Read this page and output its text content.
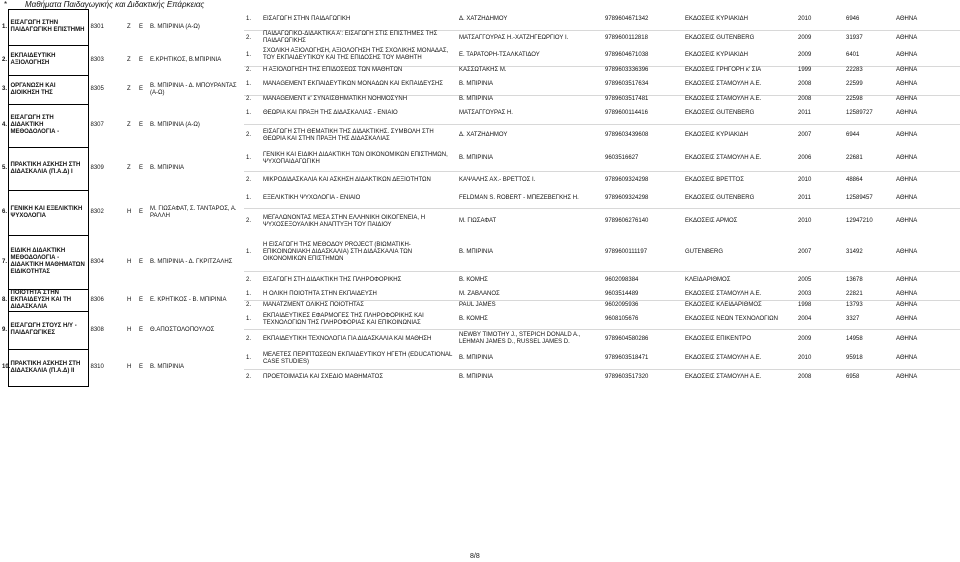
* Μαθήματα Παιδαγωγικής και Διδακτικής Επάρκειας
1.	ΕΙΣΑΓΩΓΗ ΣΤΗΝ ΠΑΙΔΑΓΩΓΙΚΗ ΕΠΙΣΤΗΜΗ	8301	Ζ	Ε	Β. ΜΠΙΡΙΝΙΑ (Α-Ω)	1.	ΕΙΣΑΓΩΓΗ ΣΤΗΝ ΠΑΙΔΑΓΩΓΙΚΗ	Δ. ΧΑΤΖΗΔΗΜΟΥ	9789604671342	ΕΚΔΟΣΕΙΣ ΚΥΡΙΑΚΙΔΗ	2010	6946	ΑΘΗΝΑ
						2.	ΠΑΙΔΑΓΩΓΙΚΟ-ΔΙΔΑΚΤΙΚΑ Α': ΕΙΣΑΓΩΓΗ ΣΤΙΣ ΕΠΙΣΤΗΜΕΣ ΤΗΣ ΠΑΙΔΑΓΩΓΙΚΗΣ	ΜΑΤΣΑΓΓΟΥΡΑΣ Η.-ΧΑΤΖΗΓΕΩΡΓΙΟΥ Ι.	9789600112818	ΕΚΔΟΣΕΙΣ GUTENBERG	2009	31937	ΑΘΗΝΑ
2.	ΕΚΠΑΙΔΕΥΤΙΚΗ ΑΞΙΟΛΟΓΗΣΗ	8303	Ζ	Ε	Ε.ΚΡΗΤΙΚΟΣ, Β.ΜΠΙΡΙΝΙΑ	1.	ΣΧΟΛΙΚΗ ΑΞΙΟΛΟΓΗΣΗ, ΑΞΙΟΛΟΓΗΣΗ ΤΗΣ ΣΧΟΛΙΚΗΣ ΜΟΝΑΔΑΣ, ΤΟΥ ΕΚΠΑΙΔΕΥΤΙΚΟΥ ΚΑΙ ΤΗΣ ΕΠΙΔΟΣΗΣ ΤΟΥ ΜΑΘΗΤΗ	Ε. ΤΑΡΑΤΟΡΗ-ΤΣΑΛΚΑΤΙΔΟΥ	9789604671038	ΕΚΔΟΣΕΙΣ ΚΥΡΙΑΚΙΔΗ	2009	6401	ΑΘΗΝΑ
						2.	Η ΑΞΙΟΛΟΓΗΣΗ ΤΗΣ ΕΠΙΔΟΣΕΩΣ ΤΩΝ ΜΑΘΗΤΩΝ	ΚΑΣΣΩΤΑΚΗΣ Μ.	9789603336396	ΕΚΔΟΣΕΙΣ ΓΡΗΓΟΡΗ κ' ΣΙΑ	1999	22283	ΑΘΗΝΑ
3.	ΟΡΓΑΝΩΣΗ ΚΑΙ ΔΙΟΙΚΗΣΗ ΤΗΣ	8305	Ζ	Ε	Β. ΜΠΙΡΙΝΙΑ - Δ. ΜΠΟΥΡΑΝΤΑΣ (Α-Ω)	1.	MANAGEMENT ΕΚΠΑΙΔΕΥΤΙΚΩΝ ΜΟΝΑΔΩΝ ΚΑΙ ΕΚΠΑΙΔΕΥΣΗΣ	Β. ΜΠΙΡΙΝΙΑ	9789603517634	ΕΚΔΟΣΕΙΣ ΣΤΑΜΟΥΛΗ Α.Ε.	2008	22599	ΑΘΗΝΑ
						2.	MANAGEMENT κ' ΣΥΝΑΙΣΘΗΜΑΤΙΚΗ ΝΟΗΜΟΣΥΝΗ	Β. ΜΠΙΡΙΝΙΑ	9789603517481	ΕΚΔΟΣΕΙΣ ΣΤΑΜΟΥΛΗ Α.Ε.	2008	22598	ΑΘΗΝΑ
4.	ΕΙΣΑΓΩΓΗ ΣΤΗ ΔΙΔΑΚΤΙΚΗ ΜΕΘΟΔΟΛΟΓΙΑ -	8307	Ζ	Ε	Β. ΜΠΙΡΙΝΙΑ (Α-Ω)	1.	ΘΕΩΡΙΑ ΚΑΙ ΠΡΑΞΗ ΤΗΣ ΔΙΔΑΣΚΑΛΙΑΣ - ΕΝΙΑΙΟ	ΜΑΤΣΑΓΓΟΥΡΑΣ Η.	9789600114416	ΕΚΔΟΣΕΙΣ GUTENBERG	2011	12589727	ΑΘΗΝΑ
						2.	ΕΙΣΑΓΩΓΗ ΣΤΗ ΘΕΜΑΤΙΚΗ ΤΗΣ ΔΙΔΑΚΤΙΚΗΣ. ΣΥΜΒΟΛΗ ΣΤΗ ΘΕΩΡΙΑ ΚΑΙ ΣΤΗΝ ΠΡΑΞΗ ΤΗΣ ΔΙΔΑΣΚΑΛΙΑΣ	Δ. ΧΑΤΖΗΔΗΜΟΥ	9789603439608	ΕΚΔΟΣΕΙΣ ΚΥΡΙΑΚΙΔΗ	2007	6944	ΑΘΗΝΑ
5.	ΠΡΑΚΤΙΚΗ ΑΣΚΗΣΗ ΣΤΗ ΔΙΔΑΣΚΑΛΙΑ (Π.Α.Δ) Ι	8309	Ζ	Ε	Β. ΜΠΙΡΙΝΙΑ	1.	ΓΕΝΙΚΗ ΚΑΙ ΕΙΔΙΚΗ ΔΙΔΑΚΤΙΚΗ ΤΩΝ ΟΙΚΟΝΟΜΙΚΩΝ ΕΠΙΣΤΗΜΩΝ, ΨΥΧΟΠΑΙΔΑΓΩΓΙΚΗ	Β. ΜΠΙΡΙΝΙΑ	9603516627	ΕΚΔΟΣΕΙΣ ΣΤΑΜΟΥΛΗ Α.Ε.	2006	22681	ΑΘΗΝΑ
						2.	ΜΙΚΡΟΔΙΔΑΣΚΑΛΙΑ ΚΑΙ ΑΣΚΗΣΗ ΔΙΔΑΚΤΙΚΩΝ ΔΕΞΙΟΤΗΤΩΝ	ΚΑΨΑΛΗΣ ΑΧ.- ΒΡΕΤΤΟΣ Ι.	9789609324298	ΕΚΔΟΣΕΙΣ ΒΡΕΤΤΟΣ	2010	48864	ΑΘΗΝΑ
6.	ΓΕΝΙΚΗ ΚΑΙ ΕΞΕΛΙΚΤΙΚΗ ΨΥΧΟΛΟΓΙΑ	8302	Η	Ε	Μ. ΓΙΩΣΑΦΑΤ, Σ. ΤΑΝΤΑΡΟΣ, Α. ΡΑΛΛΗ	1.	ΕΞΕΛΙΚΤΙΚΗ ΨΥΧΟΛΟΓΙΑ - ΕΝΙΑΙΟ	FELDMAN S. ROBERT - ΜΠΕΖΕΒΕΓΚΗΣ Η.	9789609324298	ΕΚΔΟΣΕΙΣ GUTENBERG	2011	12589457	ΑΘΗΝΑ
						2.	ΜΕΓΑΛΩΝΟΝΤΑΣ ΜΕΣΑ ΣΤΗΝ ΕΛΛΗΝΙΚΗ ΟΙΚΟΓΕΝΕΙΑ, Η ΨΥΧΟΣΕΞΟΥΑΛΙΚΗ ΑΝΑΠΤΥΞΗ ΤΟΥ ΠΑΙΔΙΟΥ	Μ. ΓΙΩΣΑΦΑΤ	9789606276140	ΕΚΔΟΣΕΙΣ ΑΡΜΟΣ	2010	12947210	ΑΘΗΝΑ
7.	ΕΙΔΙΚΗ ΔΙΔΑΚΤΙΚΗ ΜΕΘΟΔΟΛΟΓΙΑ - ΔΙΔΑΚΤΙΚΗ ΜΑΘΗΜΑΤΩΝ ΕΙΔΙΚΟΤΗΤΑΣ	8304	Η	Ε	Β. ΜΠΙΡΙΝΙΑ - Δ. ΓΚΡΙΤΖΑΛΗΣ	1.	Η ΕΙΣΑΓΩΓΗ ΤΗΣ ΜΕΘΟΔΟΥ PROJECT (ΒΙΩΜΑΤΙΚΗ-ΕΠΙΚΟΙΝΩΝΙΑΚΗ ΔΙΔΑΣΚΑΛΙΑ) ΣΤΗ ΔΙΔΑΣΚΑΛΙΑ ΤΩΝ ΟΙΚΟΝΟΜΙΚΩΝ ΕΠΙΣΤΗΜΩΝ	Β. ΜΠΙΡΙΝΙΑ	9789600111197	GUTENBERG	2007	31492	ΑΘΗΝΑ
						2.	ΕΙΣΑΓΩΓΗ ΣΤΗ ΔΙΔΑΚΤΙΚΗ ΤΗΣ ΠΛΗΡΟΦΟΡΙΚΗΣ	Β. ΚΟΜΗΣ	9602098384	ΚΛΕΙΔΑΡΙΘΜΟΣ	2005	13678	ΑΘΗΝΑ
8.	ΠΟΙΟΤΗΤΑ ΣΤΗΝ ΕΚΠΑΙΔΕΥΣΗ ΚΑΙ ΤΗ ΔΙΔΑΣΚΑΛΙΑ	8306	Η	Ε	Ε. ΚΡΗΤΙΚΟΣ - Β. ΜΠΙΡΙΝΙΑ	1.	Η ΟΛΙΚΗ ΠΟΙΟΤΗΤΑ ΣΤΗΝ ΕΚΠΑΙΔΕΥΣΗ	Μ. ΖΑΒΛΑΝΟΣ	9603514489	ΕΚΔΟΣΕΙΣ ΣΤΑΜΟΥΛΗ Α.Ε.	2003	22821	ΑΘΗΝΑ
						2.	ΜΑΝΑΤΖΜΕΝΤ ΟΛΙΚΗΣ ΠΟΙΟΤΗΤΑΣ	PAUL JAMES	9602095936	ΕΚΔΟΣΕΙΣ ΚΛΕΙΔΑΡΙΘΜΟΣ	1998	13793	ΑΘΗΝΑ
9.	ΕΙΣΑΓΩΓΗ ΣΤΟΥΣ Η/Υ - ΠΑΙΔΑΓΩΓΙΚΕΣ	8308	Η	Ε	Θ.ΑΠΟΣΤΟΛΟΠΟΥΛΟΣ	1.	ΕΚΠΑΙΔΕΥΤΙΚΕΣ ΕΦΑΡΜΟΓΕΣ ΤΗΣ ΠΛΗΡΟΦΟΡΙΚΗΣ ΚΑΙ ΤΕΧΝΟΛΟΓΙΩΝ ΤΗΣ ΠΛΗΡΟΦΟΡΙΑΣ ΚΑΙ ΕΠΙΚΟΙΝΩΝΙΑΣ	Β. ΚΟΜΗΣ	9608105676	ΕΚΔΟΣΕΙΣ ΝΕΩΝ ΤΕΧΝΟΛΟΓΙΩΝ	2004	3327	ΑΘΗΝΑ
						2.	ΕΚΠΑΙΔΕΥΤΙΚΗ ΤΕΧΝΟΛΟΓΙΑ ΓΙΑ ΔΙΔΑΣΚΑΛΙΑ ΚΑΙ ΜΑΘΗΣΗ	NEWBY TIMOTHY J., STEPICH DONALD A., LEHMAN JAMES D., RUSSEL JAMES D.	9789604580286	ΕΚΔΟΣΕΙΣ ΕΠΙΚΕΝΤΡΟ	2009	14958	ΑΘΗΝΑ
10.	ΠΡΑΚΤΙΚΗ ΑΣΚΗΣΗ ΣΤΗ ΔΙΔΑΣΚΑΛΙΑ (Π.Α.Δ) ΙΙ	8310	Η	Ε	Β. ΜΠΙΡΙΝΙΑ	1.	ΜΕΛΕΤΕΣ ΠΕΡΙΠΤΩΣΕΩΝ ΕΚΠΑΙΔΕΥΤΙΚΟΥ ΗΓΕΤΗ (EDUCATIONAL CASE STUDIES)	Β. ΜΠΙΡΙΝΙΑ	9789603518471	ΕΚΔΟΣΕΙΣ ΣΤΑΜΟΥΛΗ Α.Ε.	2010	95918	ΑΘΗΝΑ
						2.	ΠΡΟΕΤΟΙΜΑΣΙΑ ΚΑΙ ΣΧΕΔΙΟ ΜΑΘΗΜΑΤΟΣ	Β. ΜΠΙΡΙΝΙΑ	9789603517320	ΕΚΔΟΣΕΙΣ ΣΤΑΜΟΥΛΗ Α.Ε.	2008	6958	ΑΘΗΝΑ
8/8
